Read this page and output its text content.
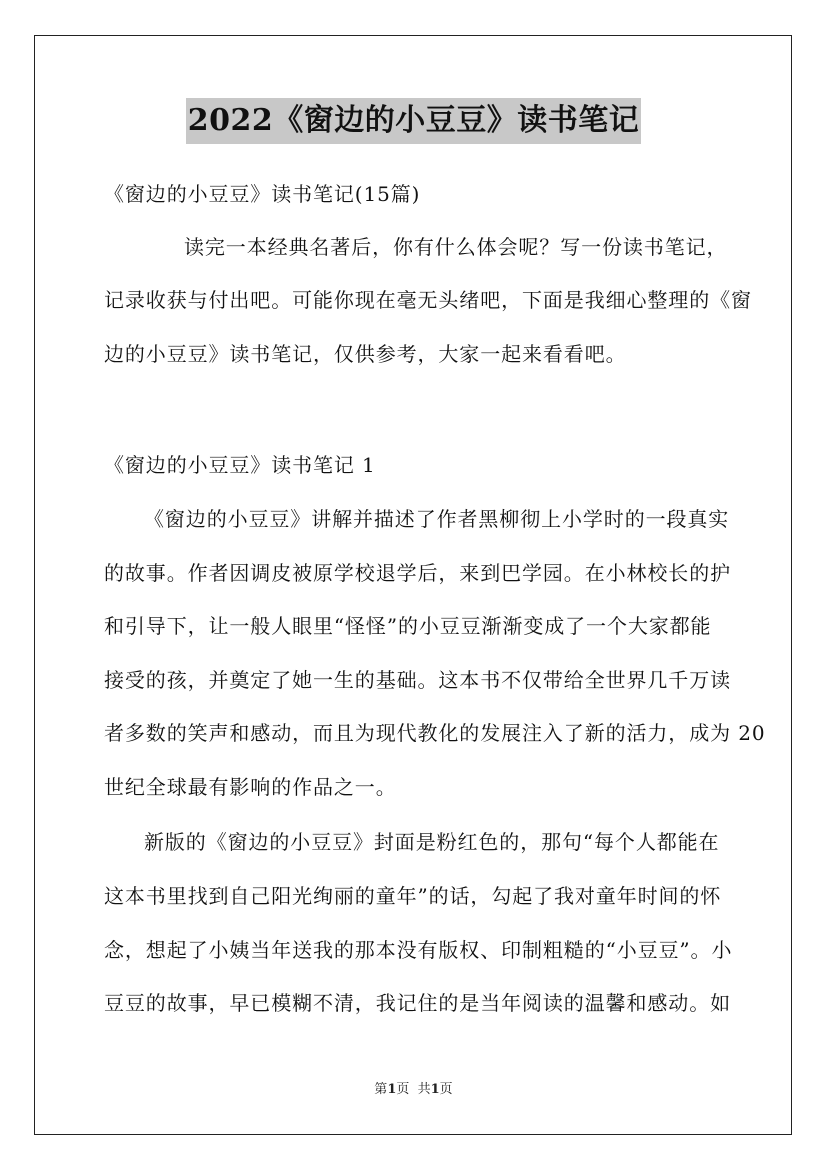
2022《窗边的小豆豆》读书笔记
《窗边的小豆豆》读书笔记(15篇)
读完一本经典名著后，你有什么体会呢？写一份读书笔记，
记录收获与付出吧。可能你现在毫无头绪吧，下面是我细心整理的《窗
边的小豆豆》读书笔记，仅供参考，大家一起来看看吧。
《窗边的小豆豆》读书笔记 1
《窗边的小豆豆》讲解并描述了作者黑柳彻上小学时的一段真实
的故事。作者因调皮被原学校退学后，来到巴学园。在小林校长的护
和引导下，让一般人眼里“怪怪”的小豆豆渐渐变成了一个大家都能
接受的孩，并奠定了她一生的基础。这本书不仅带给全世界几千万读
者多数的笑声和感动，而且为现代教化的发展注入了新的活力，成为 20
世纪全球最有影响的作品之一。
新版的《窗边的小豆豆》封面是粉红色的，那句“每个人都能在
这本书里找到自己阳光绚丽的童年”的话，勾起了我对童年时间的怀
念，想起了小姨当年送我的那本没有版权、印制粗糙的“小豆豆”。小
豆豆的故事，早已模糊不清，我记住的是当年阅读的温馨和感动。如
第1页  共1页
